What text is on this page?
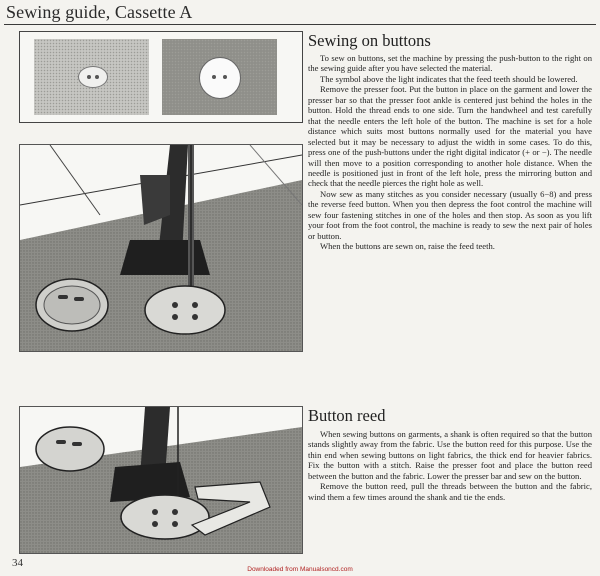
Sewing guide, Cassette A
Sewing on buttons

To sew on buttons, set the machine by pressing the push-button to the right on the sewing guide after you have selected the material.

The symbol above the light indicates that the feed teeth should be lowered.

Remove the presser foot. Put the button in place on the garment and lower the presser bar so that the presser foot ankle is centered just behind the holes in the button. Hold the thread ends to one side. Turn the handwheel and test carefully that the needle enters the left hole of the button. The machine is set for a hole distance which suits most buttons normally used for the material you have selected but it may be necessary to adjust the width in some cases. To do this, press one of the push-buttons under the right digital indicator (+ or −). The needle will then move to a position corresponding to another hole distance. When the needle is positioned just in front of the left hole, press the mirroring button and check that the needle pierces the right hole as well.

Now sew as many stitches as you consider necessary (usually 6−8) and press the reverse feed button. When you then depress the foot control the machine will sew four fastening stitches in one of the holes and then stop. As soon as you lift your foot from the foot control, the machine is ready to sew the next pair of holes or button.

When the buttons are sewn on, raise the feed teeth.

Button reed

When sewing buttons on garments, a shank is often required so that the button stands slightly away from the fabric. Use the button reed for this purpose. Use the thin end when sewing buttons on light fabrics, the thick end for heavier fabrics. Fix the button with a stitch. Raise the presser foot and place the button reed between the button and the fabric. Lower the presser bar and sew on the button.

Remove the button reed, pull the threads between the button and the fabric, wind them a few times around the shank and tie the ends.

34
Downloaded from Manualsoncd.com
